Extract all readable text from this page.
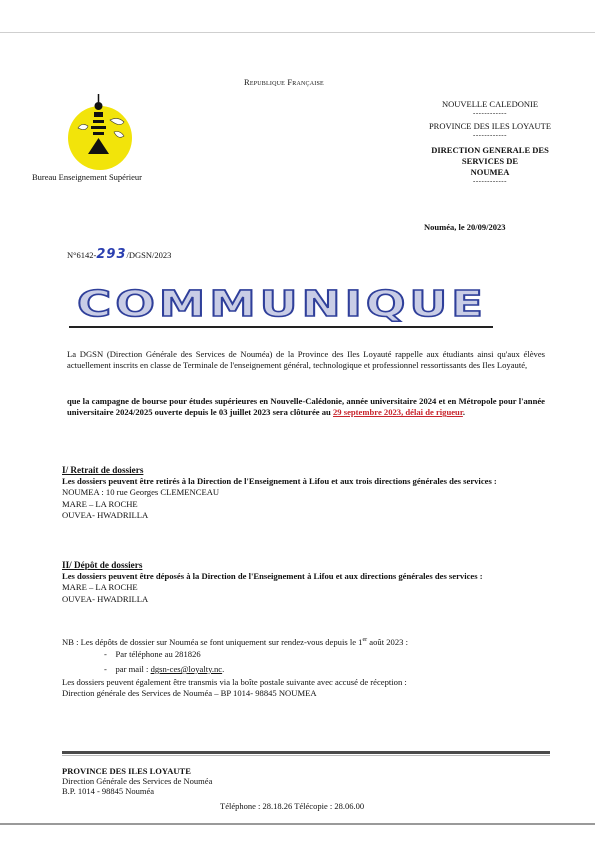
Republique Française
Bureau Enseignement Supérieur
NOUVELLE CALEDONIE
------------
PROVINCE DES ILES LOYAUTE
------------
DIRECTION GENERALE DES
SERVICES DE
NOUMEA
------------
Nouméa, le 20/09/2023
N°6142-293/DGSN/2023
COMMUNIQUE
La DGSN (Direction Générale des Services de Nouméa) de la Province des Iles Loyauté rappelle aux étudiants ainsi qu'aux élèves actuellement inscrits en classe de Terminale de l'enseignement général, technologique et professionnel ressortissants des Iles Loyauté,
que la campagne de bourse pour études supérieures en Nouvelle-Calédonie, année universitaire 2024 et en Métropole pour l'année universitaire 2024/2025 ouverte depuis le 03 juillet 2023 sera clôturée au 29 septembre 2023, délai de rigueur.
I/ Retrait de dossiers
Les dossiers peuvent être retirés à la Direction de l'Enseignement à Lifou et aux trois directions générales des services :
NOUMEA : 10 rue Georges CLEMENCEAU
MARE – LA ROCHE
OUVEA- HWADRILLA
II/ Dépôt de dossiers
Les dossiers peuvent être déposés à la Direction de l'Enseignement à Lifou et aux directions générales des services :
MARE – LA ROCHE
OUVEA- HWADRILLA
NB : Les dépôts de dossier sur Nouméa se font uniquement sur rendez-vous depuis le 1er août 2023 :
-    Par téléphone au 281826
-    par mail : dgsn-ces@loyalty.nc.
Les dossiers peuvent également être transmis via la boîte postale suivante avec accusé de réception :
Direction générale des Services de Nouméa – BP 1014- 98845 NOUMEA
PROVINCE DES ILES LOYAUTE
Direction Générale des Services de Nouméa
B.P. 1014 - 98845 Nouméa
Téléphone : 28.18.26 Télécopie : 28.06.00
